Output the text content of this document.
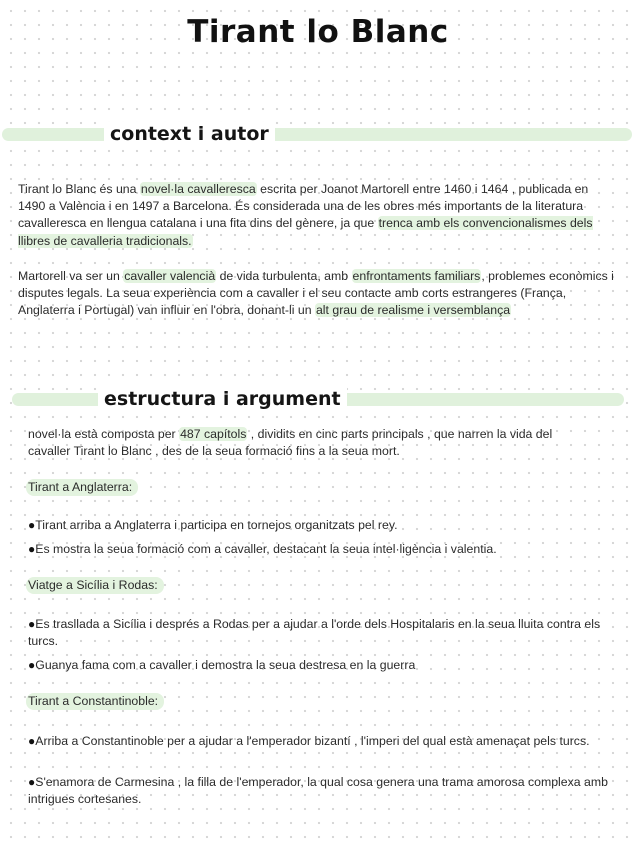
Tirant lo Blanc
context i autor

Tirant lo Blanc és una novel·la cavalleresca escrita per Joanot Martorell entre 1460 i 1464 , publicada en 1490 a València i en 1497 a Barcelona. És considerada una de les obres més importants de la literatura cavalleresca en llengua catalana i una fita dins del gènere, ja que trenca amb els convencionalismes dels llibres de cavalleria tradicionals.

Martorell va ser un cavaller valencià de vida turbulenta, amb enfrontaments familiars, problemes econòmics i disputes legals. La seua experiència com a cavaller i el seu contacte amb corts estrangeres (França, Anglaterra i Portugal) van influir en l'obra, donant-li un alt grau de realisme i versemblança

estructura i argument

novel·la està composta per 487 capítols , dividits en cinc parts principals , que narren la vida del cavaller Tirant lo Blanc , des de la seua formació fins a la seua mort.

Tirant a Anglaterra:

●Tirant arriba a Anglaterra i participa en tornejos organitzats pel rey.

●Es mostra la seua formació com a cavaller, destacant la seua intel·ligència i valentia.

Viatge a Sicília i Rodas:

●Es trasllada a Sicília i després a Rodas per a ajudar a l'orde dels Hospitalaris en la seua lluita contra els turcs.

●Guanya fama com a cavaller i demostra la seua destresa en la guerra

Tirant a Constantinoble:

●Arriba a Constantinoble per a ajudar a l'emperador bizantí , l'imperi del qual està amenaçat pels turcs.

●S'enamora de Carmesina , la filla de l'emperador, la qual cosa genera una trama amorosa complexa amb intrigues cortesanes.
